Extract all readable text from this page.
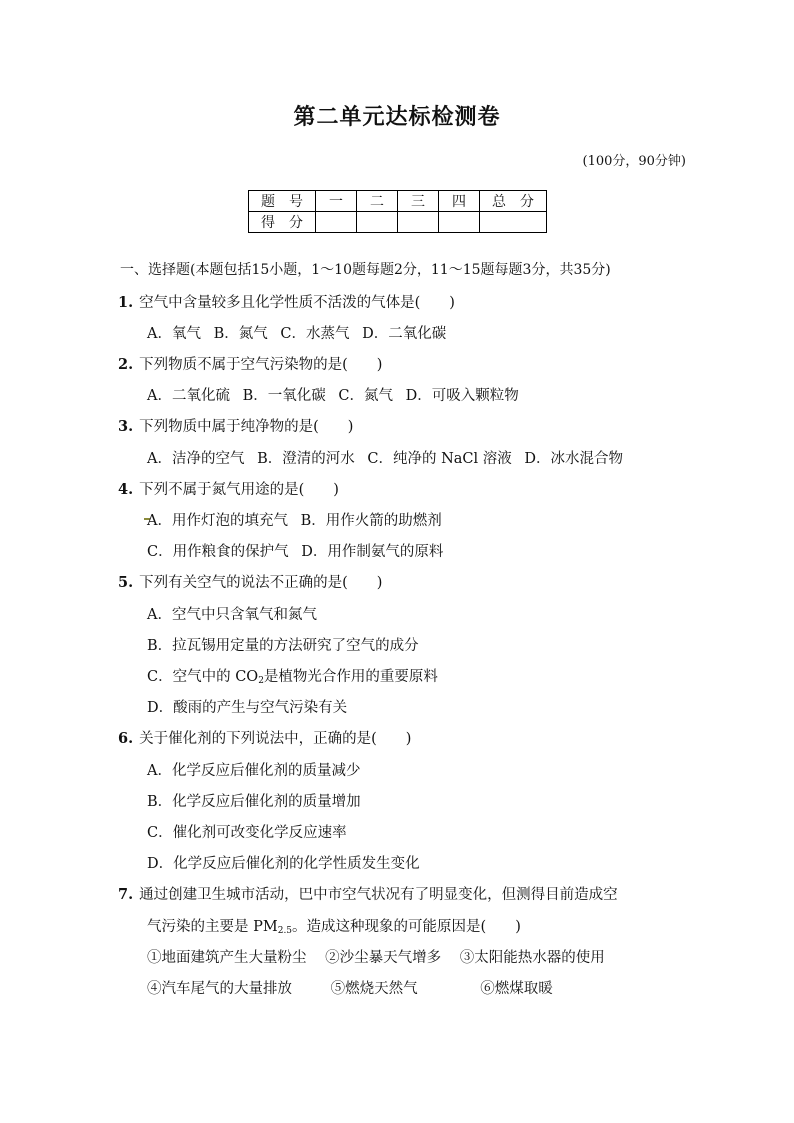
第二单元达标检测卷
(100分，90分钟)
题　号	一	二	三	四	总　分
得　分					
一、选择题(本题包括15小题，1～10题每题2分，11～15题每题3分，共35分)
1. 空气中含量较多且化学性质不活泼的气体是(　　)
A．氧气 B．氮气 C．水蒸气 D．二氧化碳
2. 下列物质不属于空气污染物的是(　　)
A．二氧化硫 B．一氧化碳 C．氮气 D．可吸入颗粒物
3. 下列物质中属于纯净物的是(　　)
A．洁净的空气 B．澄清的河水 C．纯净的 NaCl 溶液 D．冰水混合物
4. 下列不属于氮气用途的是(　　)
A．用作灯泡的填充气 B．用作火箭的助燃剂
C．用作粮食的保护气 D．用作制氨气的原料
5. 下列有关空气的说法不正确的是(　　)
A．空气中只含氧气和氮气
B．拉瓦锡用定量的方法研究了空气的成分
C．空气中的 $CO_2$是植物光合作用的重要原料
D．酸雨的产生与空气污染有关
6. 关于催化剂的下列说法中，正确的是(　　)
A．化学反应后催化剂的质量减少
B．化学反应后催化剂的质量增加
C．催化剂可改变化学反应速率
D．化学反应后催化剂的化学性质发生变化
7. 通过创建卫生城市活动，巴中市空气状况有了明显变化，但测得目前造成空
气污染的主要是 $PM_{2.5}$。造成这种现象的可能原因是(　　)
①地面建筑产生大量粉尘 ②沙尘暴天气增多 ③太阳能热水器的使用
④汽车尾气的大量排放	⑤燃烧天然气	⑥燃煤取暖
